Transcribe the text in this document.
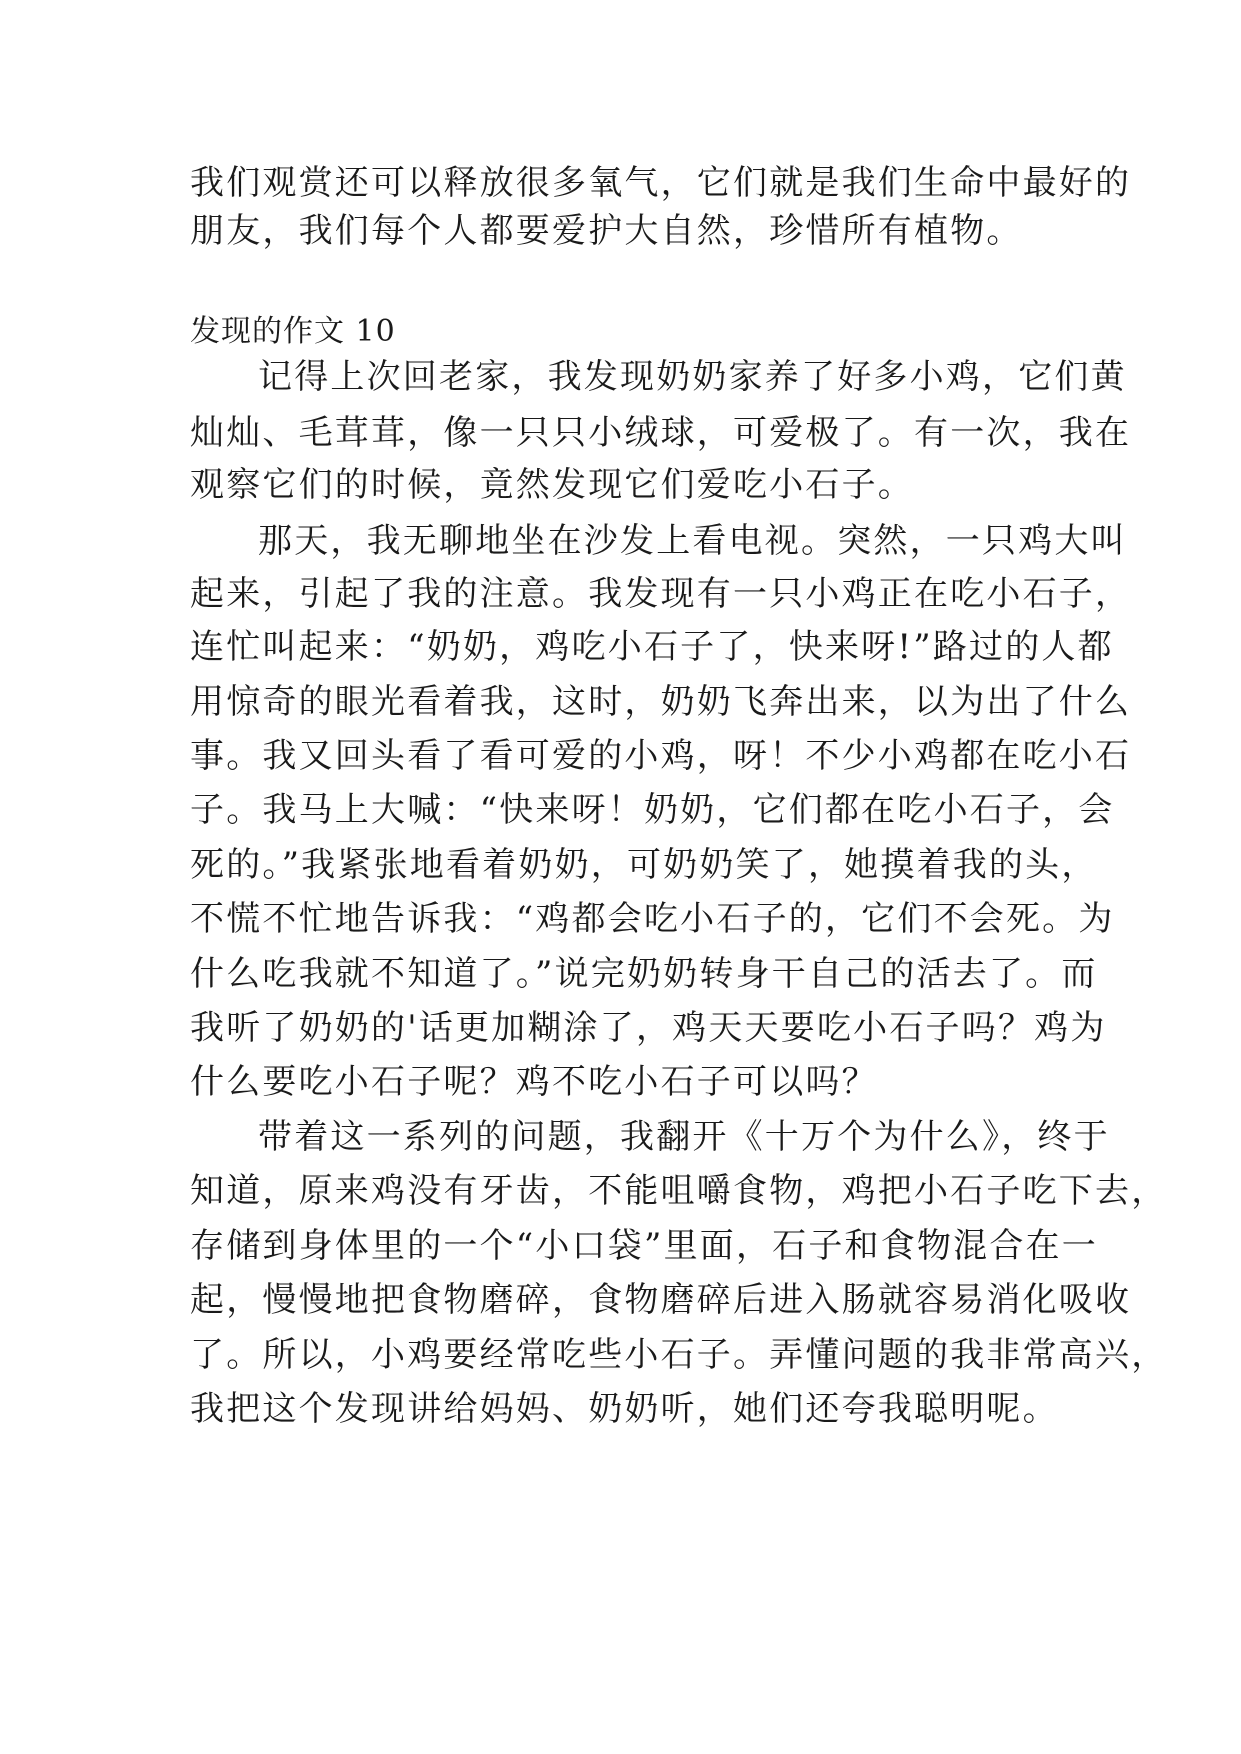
我们观赏还可以释放很多氧气，它们就是我们生命中最好的
朋友，我们每个人都要爱护大自然，珍惜所有植物。
发现的作文 10
记得上次回老家，我发现奶奶家养了好多小鸡，它们黄
灿灿、毛茸茸，像一只只小绒球，可爱极了。有一次，我在
观察它们的时候，竟然发现它们爱吃小石子。
那天，我无聊地坐在沙发上看电视。突然，一只鸡大叫
起来，引起了我的注意。我发现有一只小鸡正在吃小石子，
连忙叫起来：“奶奶，鸡吃小石子了，快来呀!”路过的人都
用惊奇的眼光看着我，这时，奶奶飞奔出来，以为出了什么
事。我又回头看了看可爱的小鸡，呀！不少小鸡都在吃小石
子。我马上大喊：“快来呀！奶奶，它们都在吃小石子，会
死的。”我紧张地看着奶奶，可奶奶笑了，她摸着我的头，
不慌不忙地告诉我：“鸡都会吃小石子的，它们不会死。为
什么吃我就不知道了。”说完奶奶转身干自己的活去了。而
我听了奶奶的'话更加糊涂了，鸡天天要吃小石子吗？鸡为
什么要吃小石子呢？鸡不吃小石子可以吗？
带着这一系列的问题，我翻开《十万个为什么》，终于
知道，原来鸡没有牙齿，不能咀嚼食物，鸡把小石子吃下去，
存储到身体里的一个“小口袋”里面，石子和食物混合在一
起，慢慢地把食物磨碎，食物磨碎后进入肠就容易消化吸收
了。所以，小鸡要经常吃些小石子。弄懂问题的我非常高兴，
我把这个发现讲给妈妈、奶奶听，她们还夸我聪明呢。
